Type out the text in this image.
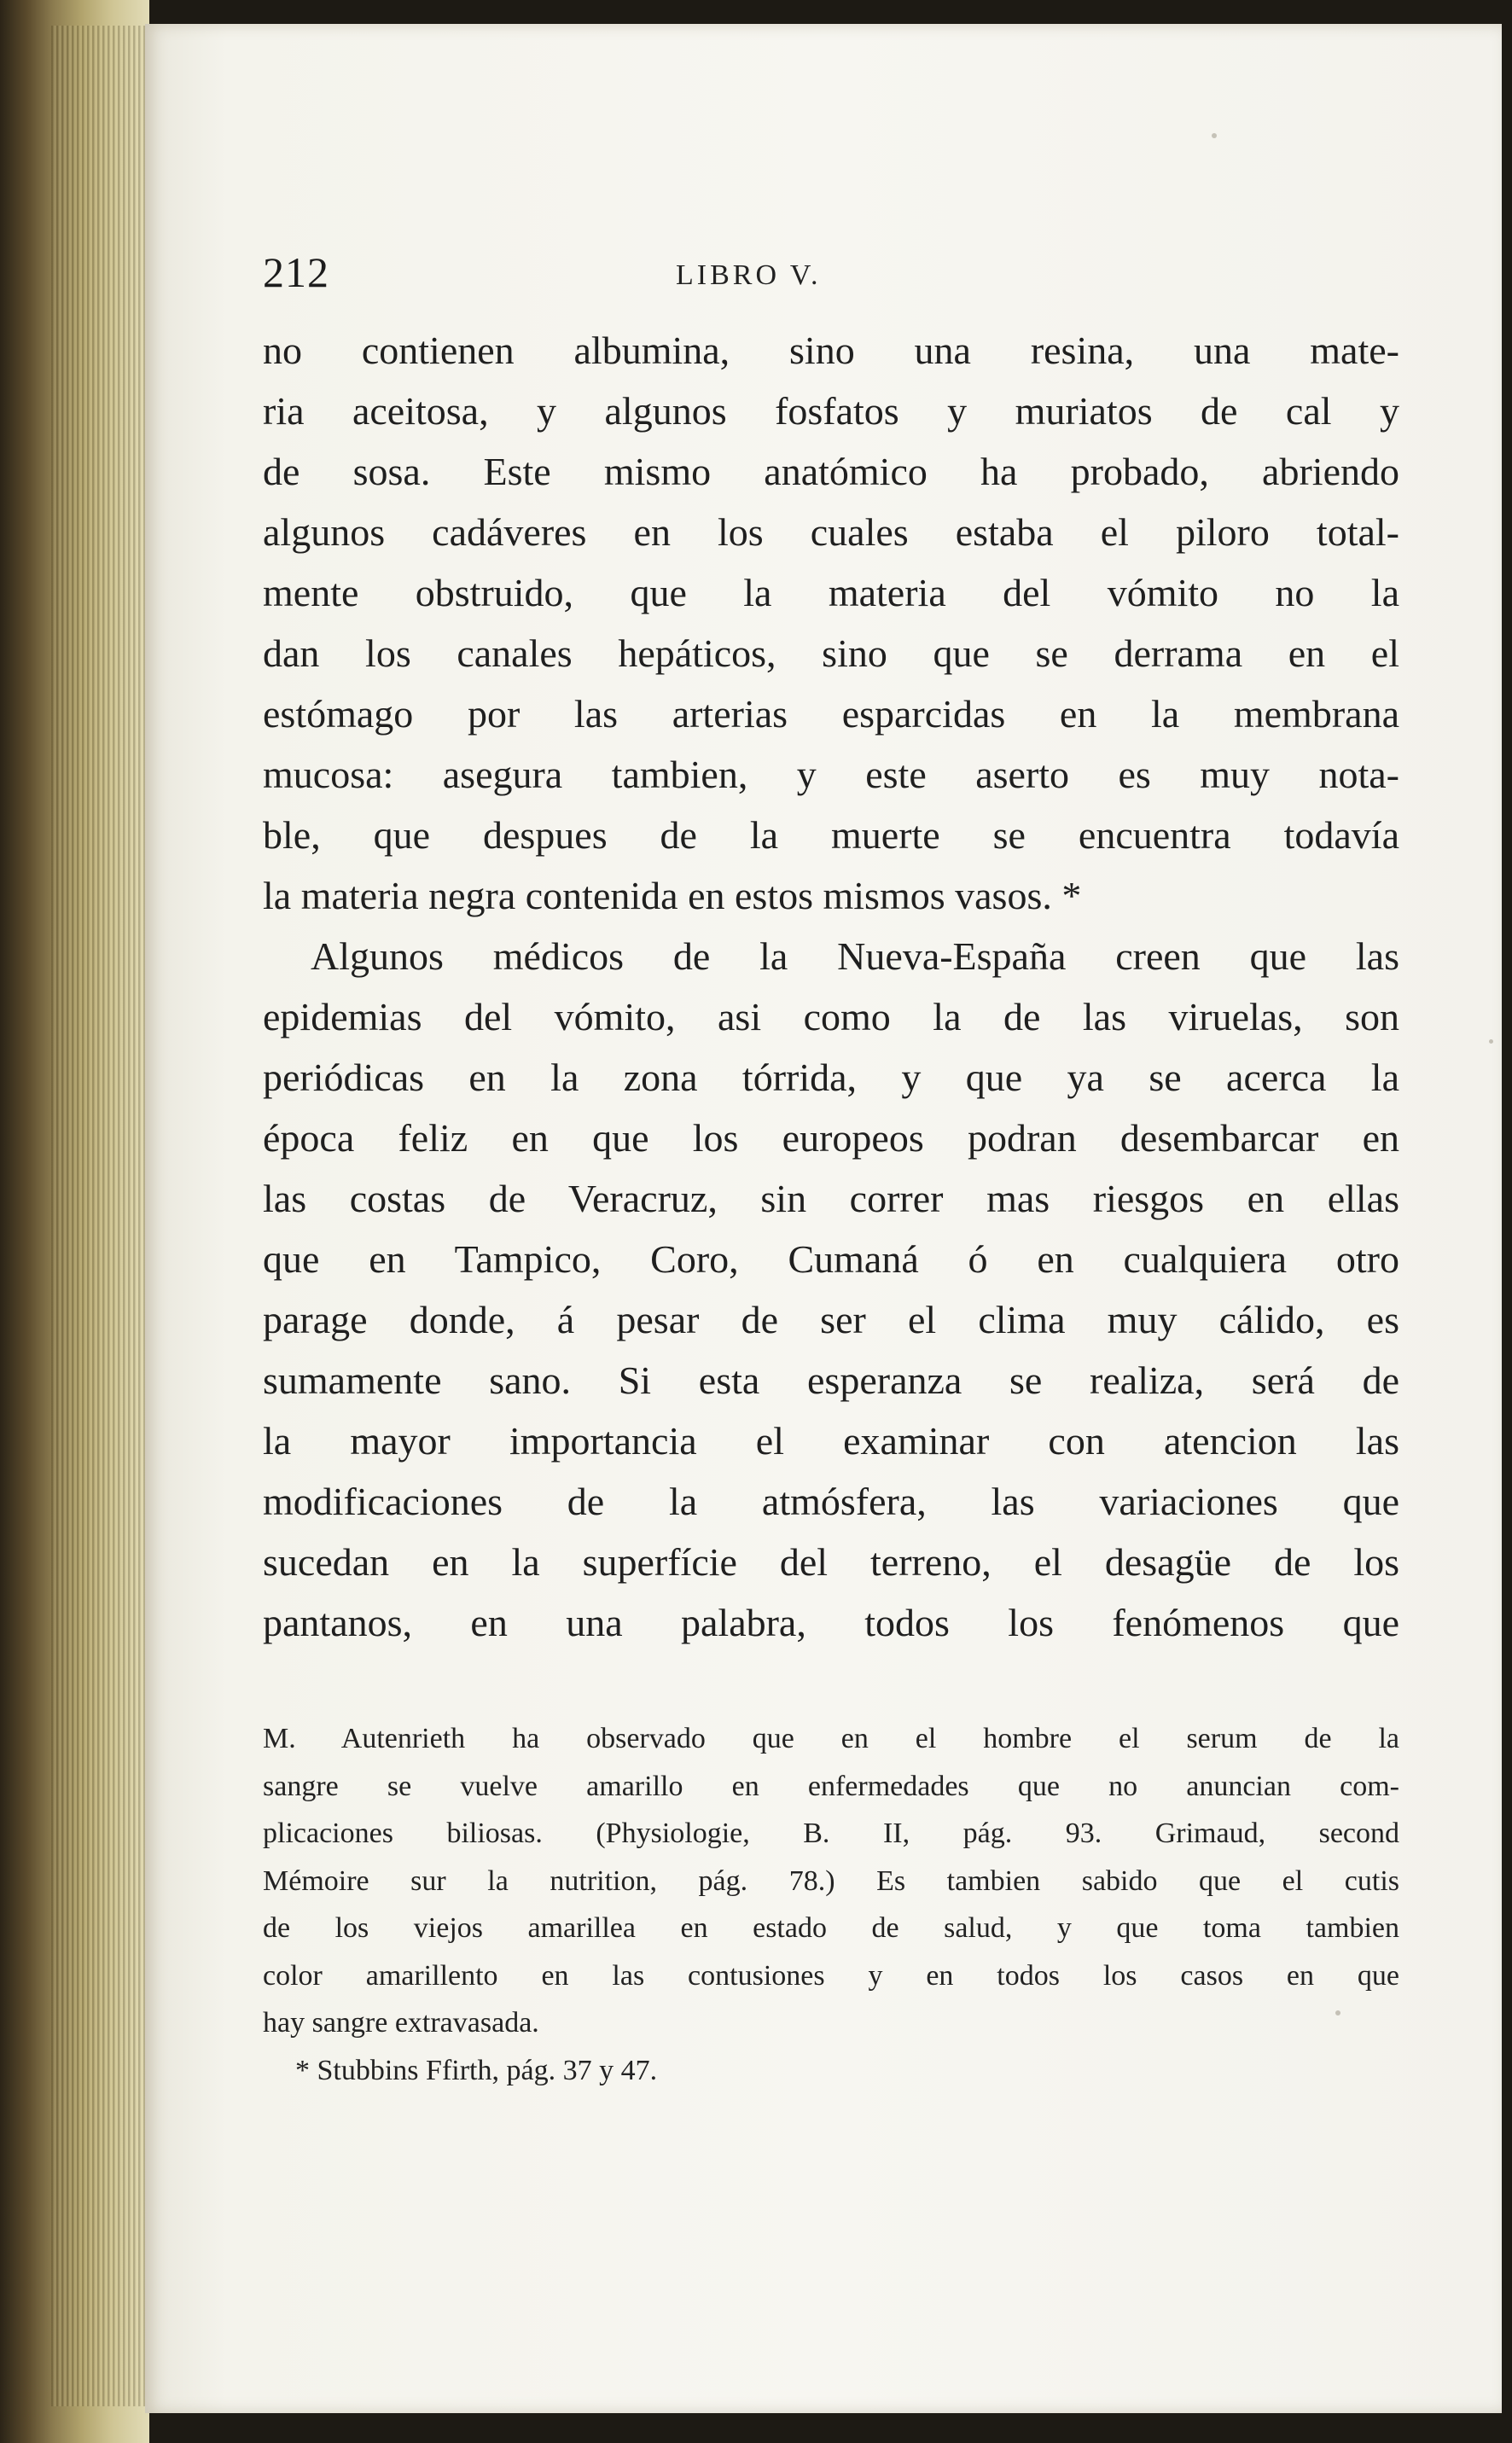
212	LIBRO V.
no contienen albumina, sino una resina, una mate-
ria aceitosa, y algunos fosfatos y muriatos de cal y
de sosa. Este mismo anatómico ha probado, abriendo
algunos cadáveres en los cuales estaba el piloro total-
mente obstruido, que la materia del vómito no la
dan los canales hepáticos, sino que se derrama en el
estómago por las arterias esparcidas en la membrana
mucosa: asegura tambien, y este aserto es muy nota-
ble, que despues de la muerte se encuentra todavía
la materia negra contenida en estos mismos vasos. *
Algunos médicos de la Nueva-España creen que las
epidemias del vómito, asi como la de las viruelas, son
periódicas en la zona tórrida, y que ya se acerca la
época feliz en que los europeos podran desembarcar en
las costas de Veracruz, sin correr mas riesgos en ellas
que en Tampico, Coro, Cumaná ó en cualquiera otro
parage donde, á pesar de ser el clima muy cálido, es
sumamente sano. Si esta esperanza se realiza, será de
la mayor importancia el examinar con atencion las
modificaciones de la atmósfera, las variaciones que
sucedan en la superfície del terreno, el desagüe de los
pantanos, en una palabra, todos los fenómenos que
M. Autenrieth ha observado que en el hombre el serum de la
sangre se vuelve amarillo en enfermedades que no anuncian com-
plicaciones biliosas. (Physiologie, B. II, pág. 93. Grimaud, second
Mémoire sur la nutrition, pág. 78.) Es tambien sabido que el cutis
de los viejos amarillea en estado de salud, y que toma tambien
color amarillento en las contusiones y en todos los casos en que
hay sangre extravasada.
* Stubbins Ffirth, pág. 37 y 47.
